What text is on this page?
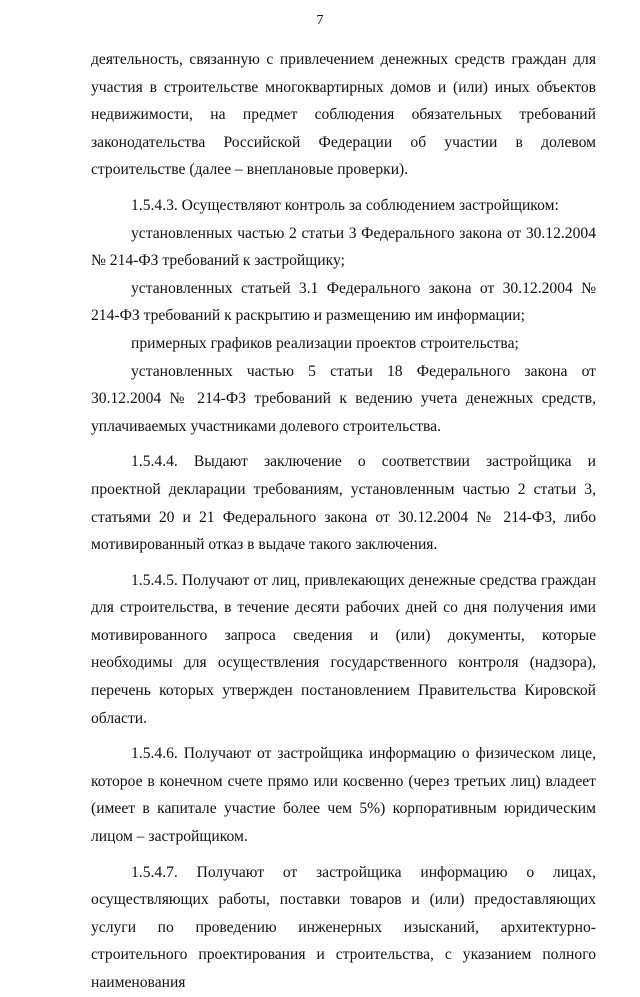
7

деятельность, связанную с привлечением денежных средств граждан для участия в строительстве многоквартирных домов и (или) иных объектов недвижимости, на предмет соблюдения обязательных требований законодательства Российской Федерации об участии в долевом строительстве (далее – внеплановые проверки).

1.5.4.3. Осуществляют контроль за соблюдением застройщиком:

установленных частью 2 статьи 3 Федерального закона от 30.12.2004 № 214-ФЗ требований к застройщику;

установленных статьей 3.1 Федерального закона от 30.12.2004 № 214-ФЗ требований к раскрытию и размещению им информации;

примерных графиков реализации проектов строительства;

установленных частью 5 статьи 18 Федерального закона от 30.12.2004 № 214-ФЗ требований к ведению учета денежных средств, уплачиваемых участниками долевого строительства.

1.5.4.4. Выдают заключение о соответствии застройщика и проектной декларации требованиям, установленным частью 2 статьи 3, статьями 20 и 21 Федерального закона от 30.12.2004 № 214-ФЗ, либо мотивированный отказ в выдаче такого заключения.

1.5.4.5. Получают от лиц, привлекающих денежные средства граждан для строительства, в течение десяти рабочих дней со дня получения ими мотивированного запроса сведения и (или) документы, которые необходимы для осуществления государственного контроля (надзора), перечень которых утвержден постановлением Правительства Кировской области.

1.5.4.6. Получают от застройщика информацию о физическом лице, которое в конечном счете прямо или косвенно (через третьих лиц) владеет (имеет в капитале участие более чем 5%) корпоративным юридическим лицом – застройщиком.

1.5.4.7. Получают от застройщика информацию о лицах, осуществляющих работы, поставки товаров и (или) предоставляющих услуги по проведению инженерных изысканий, архитектурно-строительного проектирования и строительства, с указанием полного наименования
